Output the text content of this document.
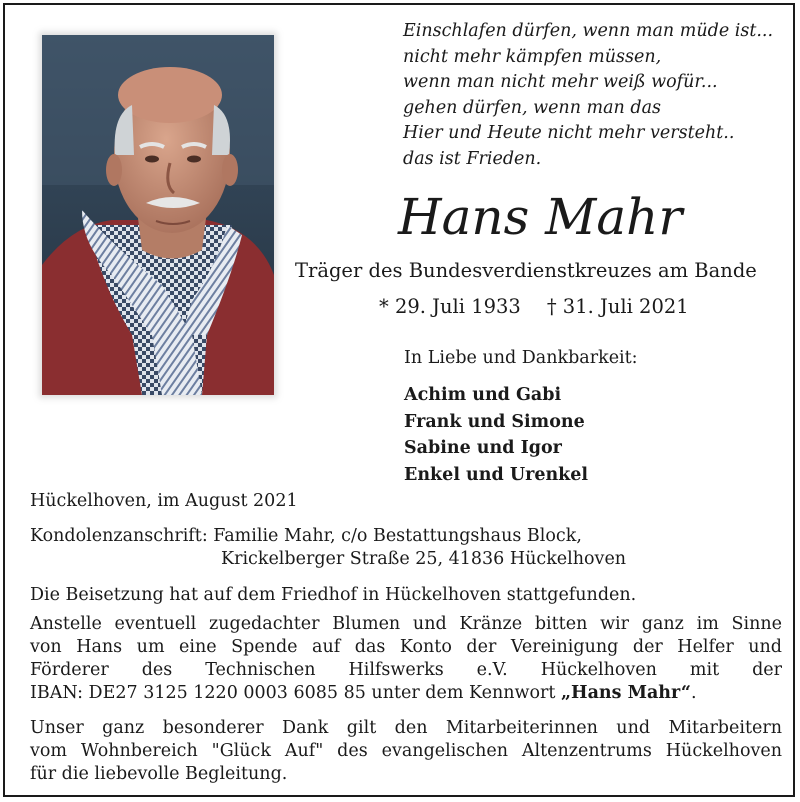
Einschlafen dürfen, wenn man müde ist...
nicht mehr kämpfen müssen,
wenn man nicht mehr weiß wofür...
gehen dürfen, wenn man das
Hier und Heute nicht mehr versteht..
das ist Frieden.
Hans Mahr
Träger des Bundesverdienstkreuzes am Bande
* 29. Juli 1933 † 31. Juli 2021
In Liebe und Dankbarkeit:
Achim und Gabi
Frank und Simone
Sabine und Igor
Enkel und Urenkel
Hückelhoven, im August 2021
Kondolenzanschrift: Familie Mahr, c/o Bestattungshaus Block,
Krickelberger Straße 25, 41836 Hückelhoven
Die Beisetzung hat auf dem Friedhof in Hückelhoven stattgefunden.
Anstelle eventuell zugedachter Blumen und Kränze bitten wir ganz im Sinne
von Hans um eine Spende auf das Konto der Vereinigung der Helfer und
Förderer des Technischen Hilfswerks e.V. Hückelhoven mit der
IBAN: DE27 3125 1220 0003 6085 85 unter dem Kennwort „Hans Mahr“.
Unser ganz besonderer Dank gilt den Mitarbeiterinnen und Mitarbeitern
vom Wohnbereich "Glück Auf" des evangelischen Altenzentrums Hückelhoven
für die liebevolle Begleitung.
